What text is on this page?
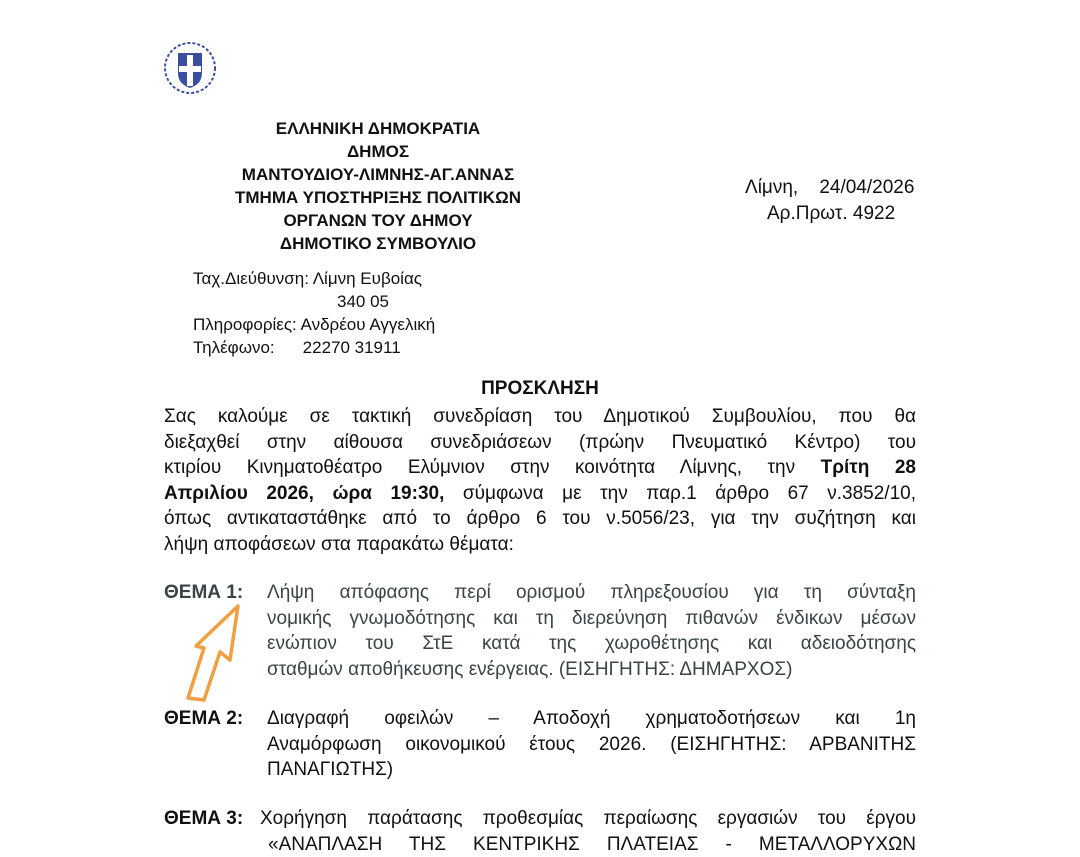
ΕΛΛΗΝΙΚΗ ΔΗΜΟΚΡΑΤΙΑ
ΔΗΜΟΣ
ΜΑΝΤΟΥΔΙΟΥ-ΛΙΜΝΗΣ-ΑΓ.ΑΝΝΑΣ
ΤΜΗΜΑ ΥΠΟΣΤΗΡΙΞΗΣ ΠΟΛΙΤΙΚΩΝ
ΟΡΓΑΝΩΝ ΤΟΥ ΔΗΜΟΥ
ΔΗΜΟΤΙΚΟ ΣΥΜΒΟΥΛΙΟ
Λίμνη,    24/04/2026
Αρ.Πρωτ. 4922
Ταχ.Διεύθυνση: Λίμνη Ευβοίας
340 05
Πληροφορίες: Ανδρέου Αγγελική
Τηλέφωνο: 22270 31911
ΠΡΟΣΚΛΗΣΗ
Σας καλούμε σε τακτική συνεδρίαση του Δημοτικού Συμβουλίου, που θα
διεξαχθεί στην αίθουσα συνεδριάσεων (πρώην Πνευματικό Κέντρο) του
κτιρίου Κινηματοθέατρο Ελύμνιον στην κοινότητα Λίμνης, την Τρίτη 28
Απριλίου 2026, ώρα 19:30, σύμφωνα με την παρ.1 άρθρο 67 ν.3852/10,
όπως αντικαταστάθηκε από το άρθρο 6 του ν.5056/23, για την συζήτηση και
λήψη αποφάσεων στα παρακάτω θέματα:
ΘΕΜΑ 1: Λήψη απόφασης περί ορισμού πληρεξουσίου για τη σύνταξη
νομικής γνωμοδότησης και τη διερεύνηση πιθανών ένδικων μέσων
ενώπιον του ΣτΕ κατά της χωροθέτησης και αδειοδότησης
σταθμών αποθήκευσης ενέργειας. (ΕΙΣΗΓΗΤΗΣ: ΔΗΜΑΡΧΟΣ)
ΘΕΜΑ 2: Διαγραφή οφειλών – Αποδοχή χρηματοδοτήσεων και 1η
Αναμόρφωση οικονομικού έτους 2026. (ΕΙΣΗΓΗΤΗΣ: ΑΡΒΑΝΙΤΗΣ
ΠΑΝΑΓΙΩΤΗΣ)
ΘΕΜΑ 3: Χορήγηση παράτασης προθεσμίας περαίωσης εργασιών του έργου
«ΑΝΑΠΛΑΣΗ ΤΗΣ ΚΕΝΤΡΙΚΗΣ ΠΛΑΤΕΙΑΣ - ΜΕΤΑΛΛΟΡΥΧΩΝ
